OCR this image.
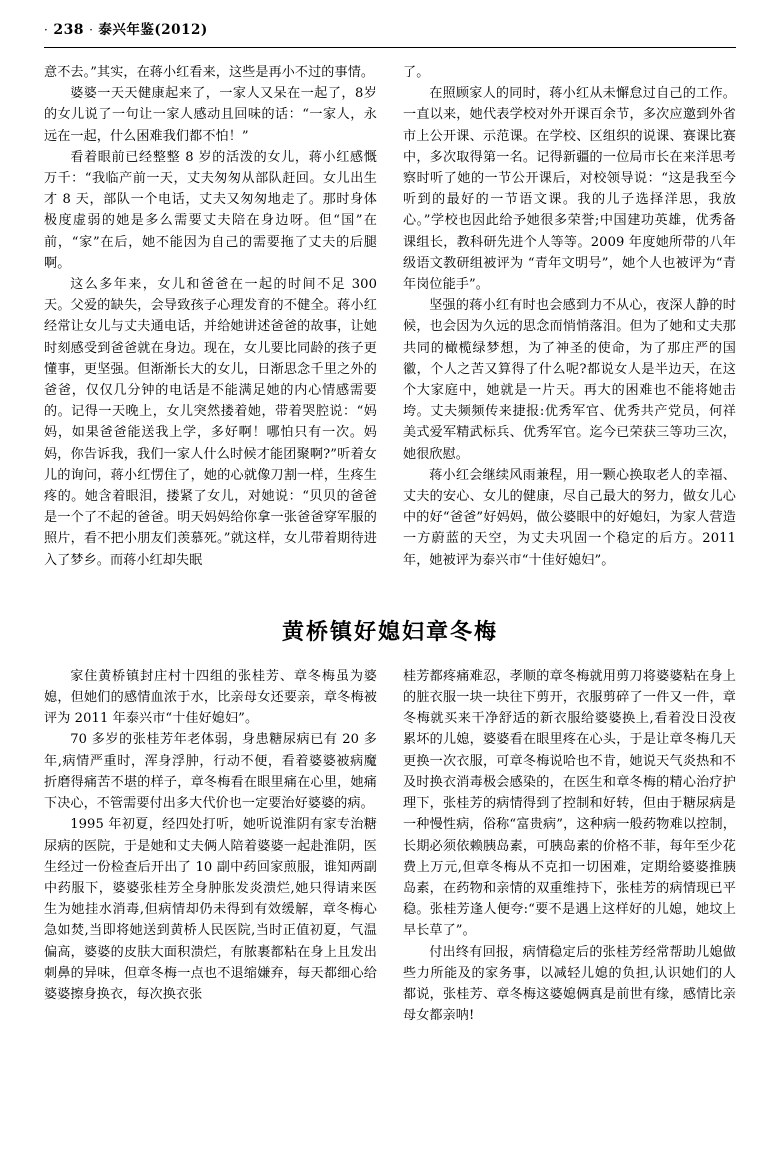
· 238 · 泰兴年鉴(2012)

意不去。”其实，在蒋小红看来，这些是再小不过的事情。

婆婆一天天健康起来了，一家人又呆在一起了，8岁的女儿说了一句让一家人感动且回味的话：“一家人，永远在一起，什么困难我们都不怕！”

看着眼前已经整整 8 岁的活泼的女儿，蒋小红感慨万千：“我临产前一天，丈夫匆匆从部队赶回。女儿出生才 8 天，部队一个电话，丈夫又匆匆地走了。那时身体极度虚弱的她是多么需要丈夫陪在身边呀。但“国”在前，“家”在后，她不能因为自己的需要拖了丈夫的后腿啊。

这么多年来，女儿和爸爸在一起的时间不足 300 天。父爱的缺失，会导致孩子心理发育的不健全。蒋小红经常让女儿与丈夫通电话，并给她讲述爸爸的故事，让她时刻感受到爸爸就在身边。现在，女儿要比同龄的孩子更懂事，更坚强。但渐渐长大的女儿，日渐思念千里之外的爸爸，仅仅几分钟的电话是不能满足她的内心情感需要的。记得一天晚上，女儿突然搂着她，带着哭腔说：“妈妈，如果爸爸能送我上学，多好啊！哪怕只有一次。妈妈，你告诉我，我们一家人什么时候才能团聚啊?”听着女儿的询问，蒋小红愣住了，她的心就像刀割一样，生疼生疼的。她含着眼泪，搂紧了女儿，对她说：“贝贝的爸爸是一个了不起的爸爸。明天妈妈给你拿一张爸爸穿军服的照片，看不把小朋友们羡慕死。”就这样，女儿带着期待进入了梦乡。而蒋小红却失眠

了。

在照顾家人的同时，蒋小红从未懈怠过自己的工作。一直以来，她代表学校对外开课百余节，多次应邀到外省市上公开课、示范课。在学校、区组织的说课、赛课比赛中，多次取得第一名。记得新疆的一位局市长在来洋思考察时听了她的一节公开课后，对校领导说：“这是我至今听到的最好的一节语文课。我的儿子选择洋思，我放心。”学校也因此给予她很多荣誉;中国建功英雄，优秀备课组长，教科研先进个人等等。2009 年度她所带的八年级语文教研组被评为 “青年文明号”，她个人也被评为“青年岗位能手”。

坚强的蒋小红有时也会感到力不从心，夜深人静的时候，也会因为久远的思念而悄悄落泪。但为了她和丈夫那共同的橄榄绿梦想，为了神圣的使命，为了那庄严的国徽，个人之苦又算得了什么呢?都说女人是半边天，在这个大家庭中，她就是一片天。再大的困难也不能将她击垮。丈夫频频传来捷报:优秀军官、优秀共产党员，何祥美式爱军精武标兵、优秀军官。迄今已荣获三等功三次，她很欣慰。

蒋小红会继续风雨兼程，用一颗心换取老人的幸福、丈夫的安心、女儿的健康，尽自己最大的努力，做女儿心中的好“爸爸”好妈妈，做公婆眼中的好媳妇，为家人营造一方蔚蓝的天空，为丈夫巩固一个稳定的后方。2011 年，她被评为泰兴市“十佳好媳妇”。

黄桥镇好媳妇章冬梅

家住黄桥镇封庄村十四组的张桂芳、章冬梅虽为婆媳，但她们的感情血浓于水，比亲母女还要亲，章冬梅被评为 2011 年泰兴市“十佳好媳妇”。

70 多岁的张桂芳年老体弱，身患糖尿病已有 20 多年,病情严重时，浑身浮肿，行动不便，看着婆婆被病魔折磨得痛苦不堪的样子，章冬梅看在眼里痛在心里，她痛下决心，不管需要付出多大代价也一定要治好婆婆的病。

1995 年初夏，经四处打听，她听说淮阴有家专治糖尿病的医院，于是她和丈夫俩人陪着婆婆一起赴淮阴，医生经过一份检查后开出了 10 副中药回家煎服，谁知两副中药服下，婆婆张桂芳全身肿胀发炎溃烂,她只得请来医生为她挂水消毒,但病情却仍未得到有效缓解，章冬梅心急如焚,当即将她送到黄桥人民医院,当时正值初夏，气温偏高，婆婆的皮肤大面积溃烂，有脓裹都粘在身上且发出刺鼻的异味，但章冬梅一点也不退缩嫌弃，每天都细心给婆婆擦身换衣，每次换衣张

桂芳都疼痛难忍，孝顺的章冬梅就用剪刀将婆婆粘在身上的脏衣服一块一块往下剪开，衣服剪碎了一件又一件，章冬梅就买来干净舒适的新衣服给婆婆换上,看着没日没夜累坏的儿媳，婆婆看在眼里疼在心头，于是让章冬梅几天更换一次衣服，可章冬梅说哈也不肯，她说天气炎热和不及时换衣消毒极会感染的，在医生和章冬梅的精心治疗护理下，张桂芳的病情得到了控制和好转，但由于糖尿病是一种慢性病，俗称“富贵病”，这种病一般药物难以控制，长期必须依赖胰岛素，可胰岛素的价格不菲，每年至少花费上万元,但章冬梅从不克扣一切困难，定期给婆婆推胰岛素，在药物和亲情的双重维持下，张桂芳的病情现已平稳。张桂芳逢人便夸:“要不是遇上这样好的儿媳，她坟上早长草了”。

付出终有回报，病情稳定后的张桂芳经常帮助儿媳做些力所能及的家务事，以减轻儿媳的负担,认识她们的人都说，张桂芳、章冬梅这婆媳俩真是前世有缘，感情比亲母女都亲呐!
